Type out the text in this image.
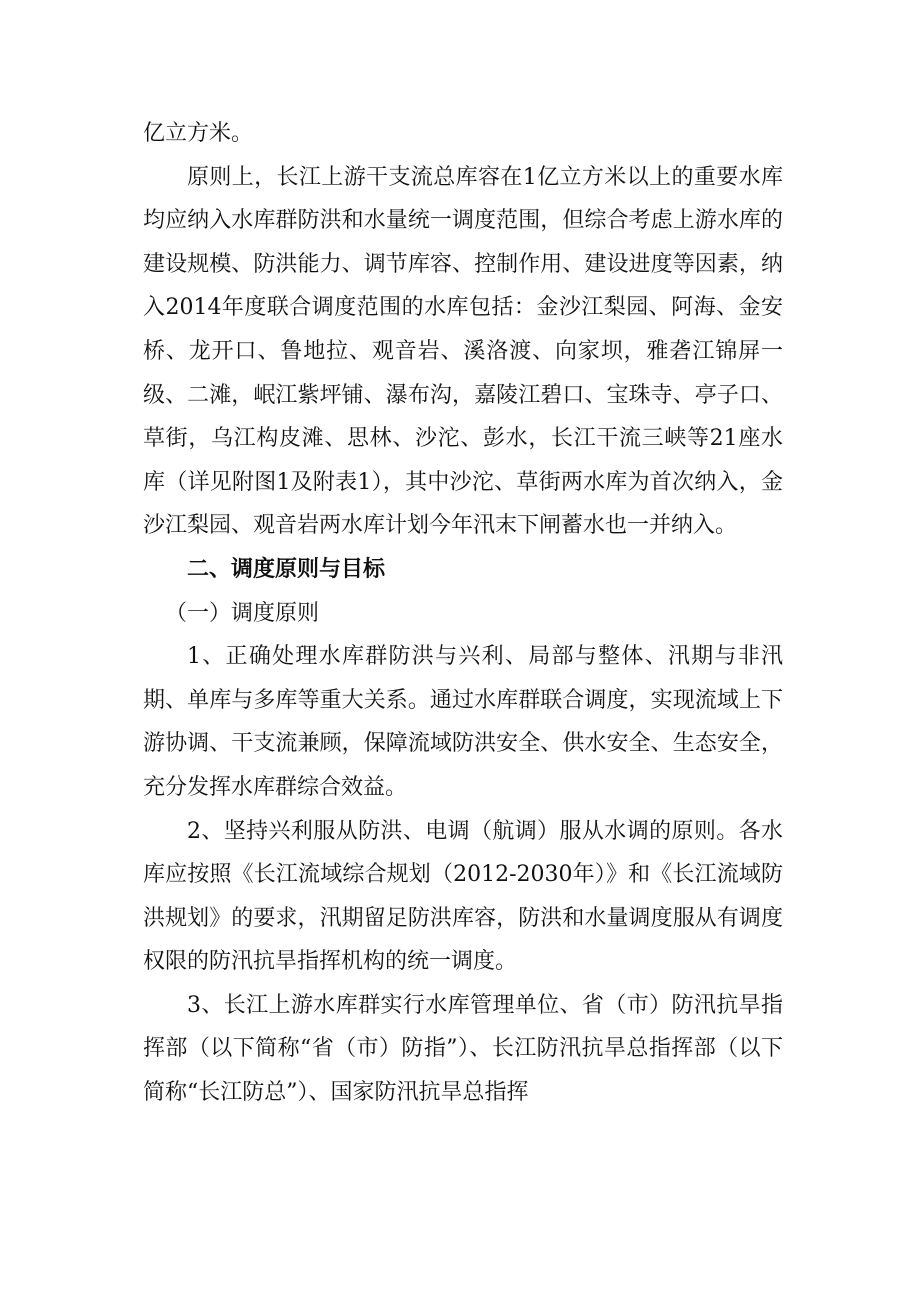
亿立方米。

原则上，长江上游干支流总库容在1亿立方米以上的重要水库均应纳入水库群防洪和水量统一调度范围，但综合考虑上游水库的建设规模、防洪能力、调节库容、控制作用、建设进度等因素，纳入2014年度联合调度范围的水库包括：金沙江梨园、阿海、金安桥、龙开口、鲁地拉、观音岩、溪洛渡、向家坝，雅砻江锦屏一级、二滩，岷江紫坪铺、瀑布沟，嘉陵江碧口、宝珠寺、亭子口、草街，乌江构皮滩、思林、沙沱、彭水，长江干流三峡等21座水库（详见附图1及附表1），其中沙沱、草街两水库为首次纳入，金沙江梨园、观音岩两水库计划今年汛末下闸蓄水也一并纳入。

二、调度原则与目标

（一）调度原则

1、正确处理水库群防洪与兴利、局部与整体、汛期与非汛期、单库与多库等重大关系。通过水库群联合调度，实现流域上下游协调、干支流兼顾，保障流域防洪安全、供水安全、生态安全，充分发挥水库群综合效益。

2、坚持兴利服从防洪、电调（航调）服从水调的原则。各水库应按照《长江流域综合规划（2012-2030年）》和《长江流域防洪规划》的要求，汛期留足防洪库容，防洪和水量调度服从有调度权限的防汛抗旱指挥机构的统一调度。

3、长江上游水库群实行水库管理单位、省（市）防汛抗旱指挥部（以下简称“省（市）防指”）、长江防汛抗旱总指挥部（以下简称“长江防总”）、国家防汛抗旱总指挥
